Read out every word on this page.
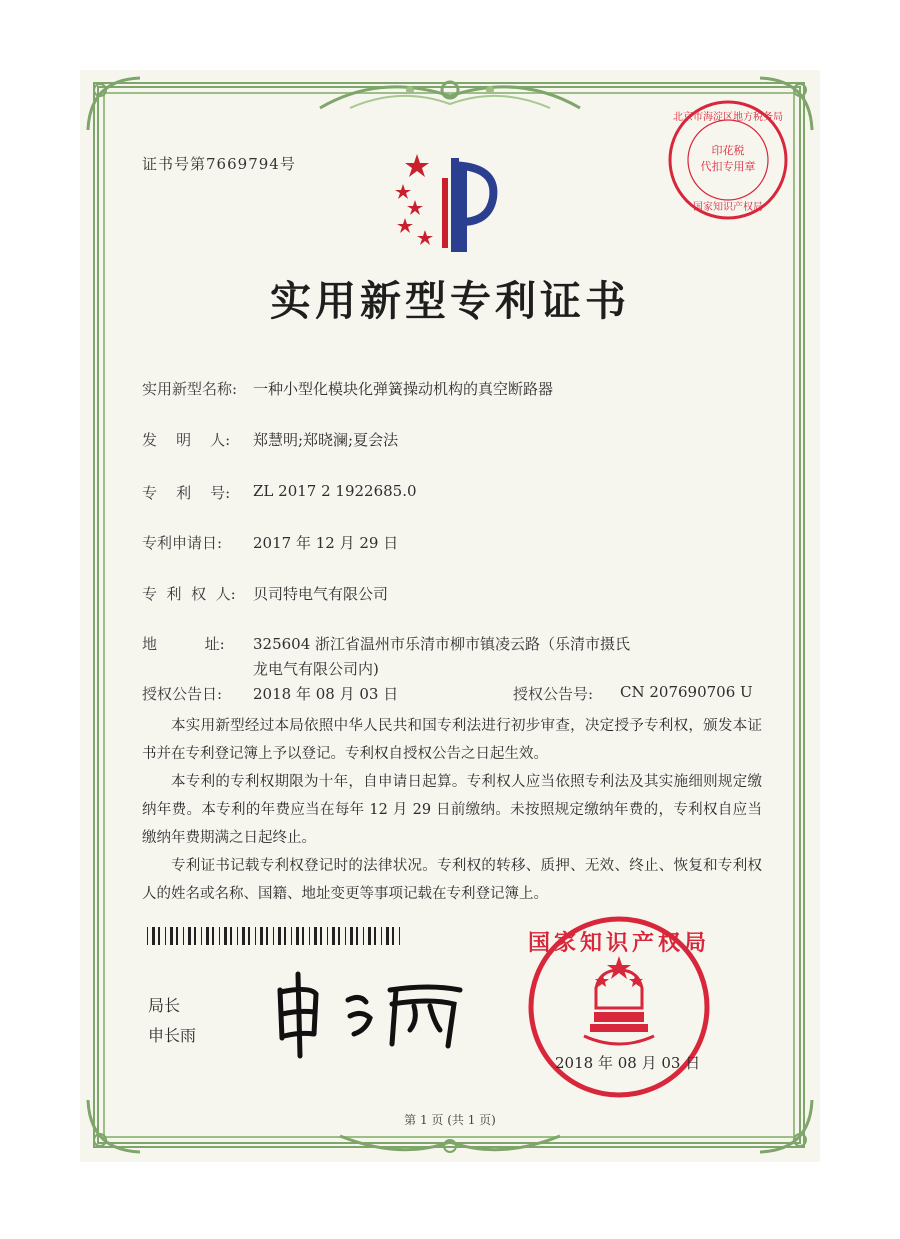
证书号第7669794号
北京市海淀区地方税务局
印花税
代扣专用章
国家知识产权局
实用新型专利证书
实用新型名称: 一种小型化模块化弹簧操动机构的真空断路器
发    明    人: 郑慧明;郑晓澜;夏会法
专    利    号: ZL 2017 2 1922685.0
专利申请日: 2017 年 12 月 29 日
专  利  权  人: 贝司特电气有限公司
地          址: 325604 浙江省温州市乐清市柳市镇凌云路（乐清市摄氏
龙电气有限公司内)
授权公告日: 2018 年 08 月 03 日	授权公告号: CN 207690706 U

本实用新型经过本局依照中华人民共和国专利法进行初步审查，决定授予专利权，颁发本证书并在专利登记簿上予以登记。专利权自授权公告之日起生效。

本专利的专利权期限为十年，自申请日起算。专利权人应当依照专利法及其实施细则规定缴纳年费。本专利的年费应当在每年 12 月 29 日前缴纳。未按照规定缴纳年费的，专利权自应当缴纳年费期满之日起终止。

专利证书记载专利权登记时的法律状况。专利权的转移、质押、无效、终止、恢复和专利权人的姓名或名称、国籍、地址变更等事项记载在专利登记簿上。

局长
申长雨
国家知识产权局
2018 年 08 月 03 日
第 1 页 (共 1 页)
